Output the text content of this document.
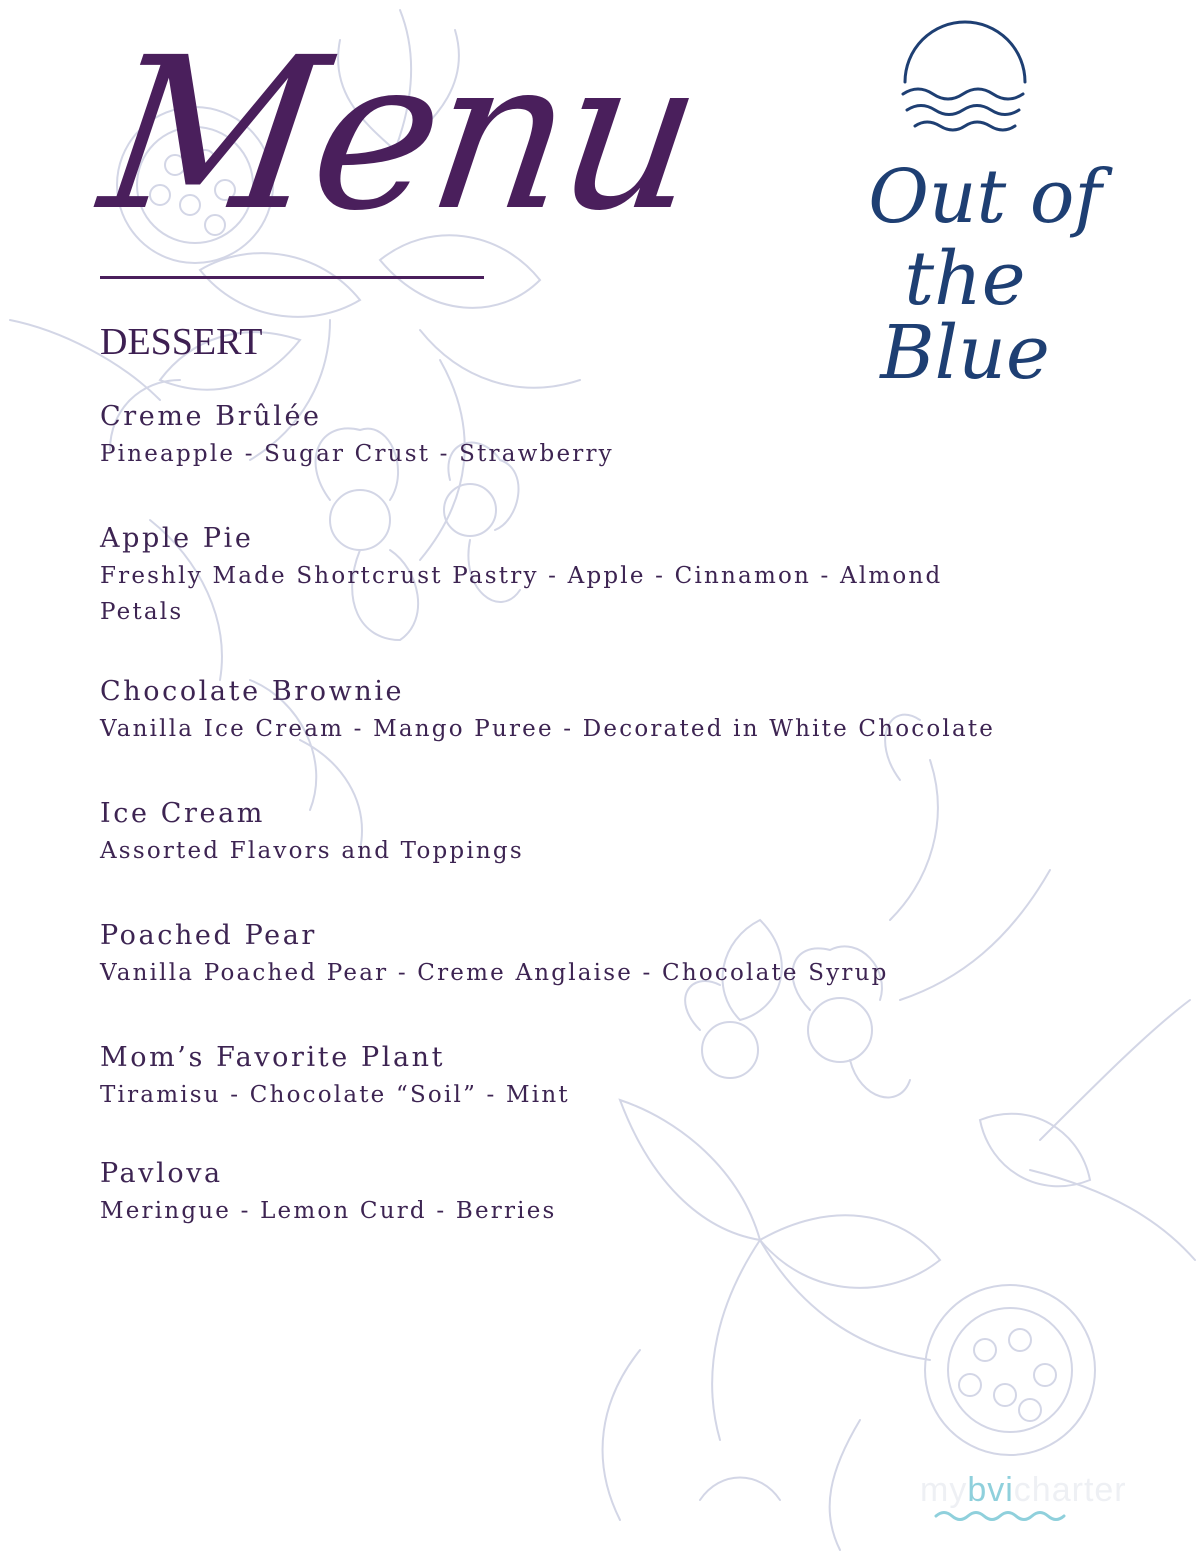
Menu Out of
the Blue
DESSERT
Creme Brûlée
Pineapple - Sugar Crust - Strawberry
Apple Pie
Freshly Made Shortcrust Pastry - Apple - Cinnamon - Almond Petals
Chocolate Brownie
Vanilla Ice Cream - Mango Puree - Decorated in White Chocolate
Ice Cream
Assorted Flavors and Toppings
Poached Pear
Vanilla Poached Pear - Creme Anglaise - Chocolate Syrup
Mom’s Favorite Plant
Tiramisu - Chocolate “Soil” - Mint
Pavlova
Meringue - Lemon Curd - Berries
mybvicharter
